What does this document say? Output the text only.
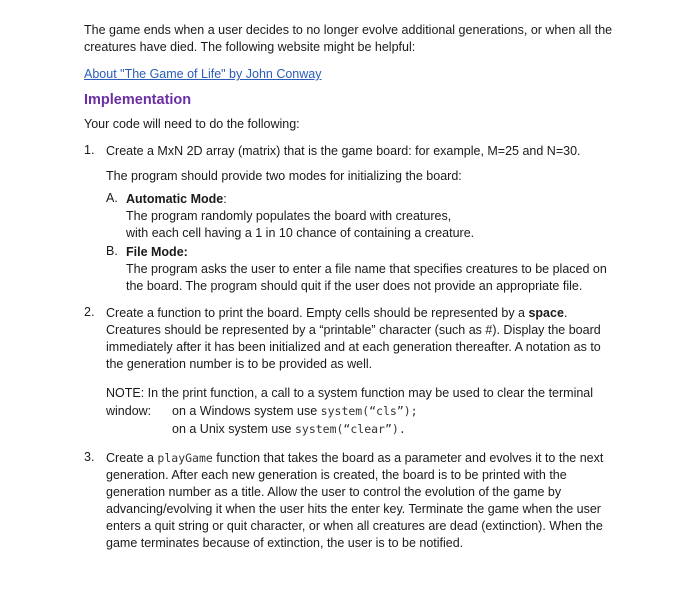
The game ends when a user decides to no longer evolve additional generations, or when all the

creatures have died. The following website might be helpful:

About "The Game of Life" by John Conway
Implementation

Your code will need to do the following:

1. Create a MxN 2D array (matrix) that is the game board: for example, M=25 and N=30.

The program should provide two modes for initializing the board:

A. Automatic Mode:

The program randomly populates the board with creatures,

with each cell having a 1 in 10 chance of containing a creature.

B. File Mode:

The program asks the user to enter a file name that specifies creatures to be placed on

the board. The program should quit if the user does not provide an appropriate file.

2. Create a function to print the board. Empty cells should be represented by a space.

Creatures should be represented by a “printable” character (such as #). Display the board

immediately after it has been initialized and at each generation thereafter. A notation as to

the generation number is to be provided as well.

NOTE: In the print function, a call to a system function may be used to clear the terminal

window: on a Windows system use system(“cls”);
on a Unix system use system(“clear”).
3. Create a playGame function that takes the board as a parameter and evolves it to the next

generation. After each new generation is created, the board is to be printed with the

generation number as a title. Allow the user to control the evolution of the game by

advancing/evolving it when the user hits the enter key. Terminate the game when the user

enters a quit string or quit character, or when all creatures are dead (extinction). When the

game terminates because of extinction, the user is to be notified.
